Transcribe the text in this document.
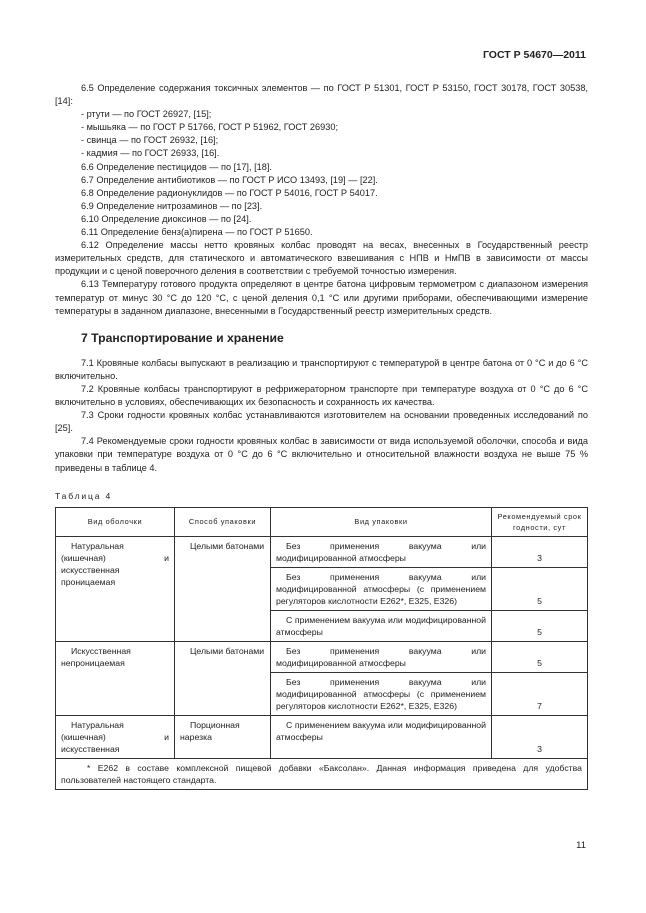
ГОСТ Р 54670—2011

6.5 Определение содержания токсичных элементов — по ГОСТ Р 51301, ГОСТ Р 53150, ГОСТ 30178, ГОСТ 30538, [14]:

- ртути — по ГОСТ 26927, [15];

- мышьяка — по ГОСТ Р 51766, ГОСТ Р 51962, ГОСТ 26930;

- свинца — по ГОСТ 26932, [16];

- кадмия — по ГОСТ 26933, [16].

6.6 Определение пестицидов — по [17], [18].

6.7 Определение антибиотиков — по ГОСТ Р ИСО 13493, [19] — [22].

6.8 Определение радионуклидов — по ГОСТ Р 54016, ГОСТ Р 54017.

6.9 Определение нитрозаминов — по [23].

6.10 Определение диоксинов — по [24].

6.11 Определение бенз(а)пирена — по ГОСТ Р 51650.

6.12 Определение массы нетто кровяных колбас проводят на весах, внесенных в Государственный реестр измерительных средств, для статического и автоматического взвешивания с НПВ и НмПВ в зависимости от массы продукции и с ценой поверочного деления в соответствии с требуемой точностью измерения.

6.13 Температуру готового продукта определяют в центре батона цифровым термометром с диапазоном измерения температур от минус 30 °С до 120 °С, с ценой деления 0,1 °С или другими приборами, обеспечивающими измерение температуры в заданном диапазоне, внесенными в Государственный реестр измерительных средств.

7 Транспортирование и хранение

7.1 Кровяные колбасы выпускают в реализацию и транспортируют с температурой в центре батона от 0 °С и до 6 °С включительно.

7.2 Кровяные колбасы транспортируют в рефрижераторном транспорте при температуре воздуха от 0 °С до 6 °С включительно в условиях, обеспечивающих их безопасность и сохранность их качества.

7.3 Сроки годности кровяных колбас устанавливаются изготовителем на основании проведенных исследований по [25].

7.4 Рекомендуемые сроки годности кровяных колбас в зависимости от вида используемой оболочки, способа и вида упаковки при температуре воздуха от 0 °С до 6 °С включительно и относительной влажности воздуха не выше 75 % приведены в таблице 4.

Таблица 4

Вид оболочки	Способ упаковки	Вид упаковки	Рекомендуемый срок годности, сут
Натуральная (кишечная) и искусственная проницаемая	Целыми батонами	Без применения вакуума или модифицированной атмосферы	3
		Без применения вакуума или модифицированной атмосферы (с применением регуляторов кислотности Е262*, Е325, Е326)	5
		С применением вакуума или модифицированной атмосферы	5
Искусственная непроницаемая	Целыми батонами	Без применения вакуума или модифицированной атмосферы	5
		Без применения вакуума или модифицированной атмосферы (с применением регуляторов кислотности Е262*, Е325, Е326)	7
Натуральная (кишечная) и искусственная	Порционная нарезка	С применением вакуума или модифицированной атмосферы	3
* Е262 в составе комплексной пищевой добавки «Баксолан». Данная информация приведена для удобства пользователей настоящего стандарта.			
11
